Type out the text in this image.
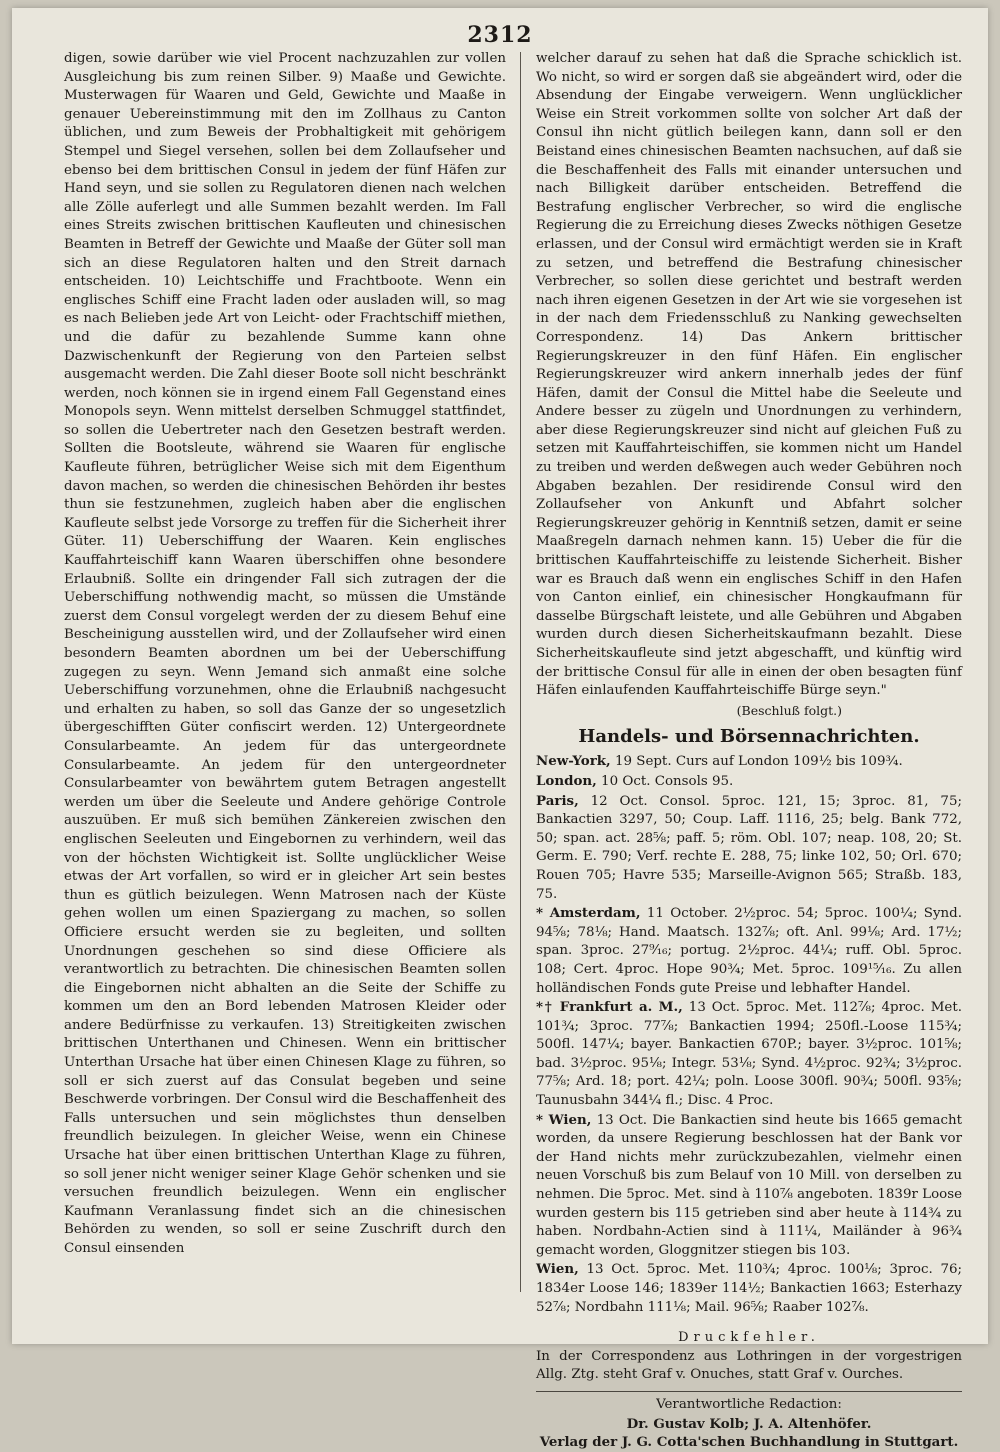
2312

digen, sowie darüber wie viel Procent nachzuzahlen zur vollen Ausgleichung bis zum reinen Silber. 9) Maaße und Gewichte. Musterwagen für Waaren und Geld, Gewichte und Maaße in genauer Uebereinstimmung mit den im Zollhaus zu Canton üblichen, und zum Beweis der Probhaltigkeit mit gehörigem Stempel und Siegel versehen, sollen bei dem Zollaufseher und ebenso bei dem brittischen Consul in jedem der fünf Häfen zur Hand seyn, und sie sollen zu Regulatoren dienen nach welchen alle Zölle auferlegt und alle Summen bezahlt werden. Im Fall eines Streits zwischen brittischen Kaufleuten und chinesischen Beamten in Betreff der Gewichte und Maaße der Güter soll man sich an diese Regulatoren halten und den Streit darnach entscheiden. 10) Leichtschiffe und Frachtboote. Wenn ein englisches Schiff eine Fracht laden oder ausladen will, so mag es nach Belieben jede Art von Leicht- oder Frachtschiff miethen, und die dafür zu bezahlende Summe kann ohne Dazwischenkunft der Regierung von den Parteien selbst ausgemacht werden. Die Zahl dieser Boote soll nicht beschränkt werden, noch können sie in irgend einem Fall Gegenstand eines Monopols seyn. Wenn mittelst derselben Schmuggel stattfindet, so sollen die Uebertreter nach den Gesetzen bestraft werden. Sollten die Bootsleute, während sie Waaren für englische Kaufleute führen, betrüglicher Weise sich mit dem Eigenthum davon machen, so werden die chinesischen Behörden ihr bestes thun sie festzunehmen, zugleich haben aber die englischen Kaufleute selbst jede Vorsorge zu treffen für die Sicherheit ihrer Güter. 11) Ueberschiffung der Waaren. Kein englisches Kauffahrteischiff kann Waaren überschiffen ohne besondere Erlaubniß. Sollte ein dringender Fall sich zutragen der die Ueberschiffung nothwendig macht, so müssen die Umstände zuerst dem Consul vorgelegt werden der zu diesem Behuf eine Bescheinigung ausstellen wird, und der Zollaufseher wird einen besondern Beamten abordnen um bei der Ueberschiffung zugegen zu seyn. Wenn Jemand sich anmaßt eine solche Ueberschiffung vorzunehmen, ohne die Erlaubniß nachgesucht und erhalten zu haben, so soll das Ganze der so ungesetzlich übergeschifften Güter confiscirt werden. 12) Untergeordnete Consularbeamte. An jedem für das untergeordnete Consularbeamte. An jedem für den untergeordneter Consularbeamter von bewährtem gutem Betragen angestellt werden um über die Seeleute und Andere gehörige Controle auszuüben. Er muß sich bemühen Zänkereien zwischen den englischen Seeleuten und Eingebornen zu verhindern, weil das von der höchsten Wichtigkeit ist. Sollte unglücklicher Weise etwas der Art vorfallen, so wird er in gleicher Art sein bestes thun es gütlich beizulegen. Wenn Matrosen nach der Küste gehen wollen um einen Spaziergang zu machen, so sollen Officiere ersucht werden sie zu begleiten, und sollten Unordnungen geschehen so sind diese Officiere als verantwortlich zu betrachten. Die chinesischen Beamten sollen die Eingebornen nicht abhalten an die Seite der Schiffe zu kommen um den an Bord lebenden Matrosen Kleider oder andere Bedürfnisse zu verkaufen. 13) Streitigkeiten zwischen brittischen Unterthanen und Chinesen. Wenn ein brittischer Unterthan Ursache hat über einen Chinesen Klage zu führen, so soll er sich zuerst auf das Consulat begeben und seine Beschwerde vorbringen. Der Consul wird die Beschaffenheit des Falls untersuchen und sein möglichstes thun denselben freundlich beizulegen. In gleicher Weise, wenn ein Chinese Ursache hat über einen brittischen Unterthan Klage zu führen, so soll jener nicht weniger seiner Klage Gehör schenken und sie versuchen freundlich beizulegen. Wenn ein englischer Kaufmann Veranlassung findet sich an die chinesischen Behörden zu wenden, so soll er seine Zuschrift durch den Consul einsenden

welcher darauf zu sehen hat daß die Sprache schicklich ist. Wo nicht, so wird er sorgen daß sie abgeändert wird, oder die Absendung der Eingabe verweigern. Wenn unglücklicher Weise ein Streit vorkommen sollte von solcher Art daß der Consul ihn nicht gütlich beilegen kann, dann soll er den Beistand eines chinesischen Beamten nachsuchen, auf daß sie die Beschaffenheit des Falls mit einander untersuchen und nach Billigkeit darüber entscheiden. Betreffend die Bestrafung englischer Verbrecher, so wird die englische Regierung die zu Erreichung dieses Zwecks nöthigen Gesetze erlassen, und der Consul wird ermächtigt werden sie in Kraft zu setzen, und betreffend die Bestrafung chinesischer Verbrecher, so sollen diese gerichtet und bestraft werden nach ihren eigenen Gesetzen in der Art wie sie vorgesehen ist in der nach dem Friedensschluß zu Nanking gewechselten Correspondenz. 14) Das Ankern brittischer Regierungskreuzer in den fünf Häfen. Ein englischer Regierungskreuzer wird ankern innerhalb jedes der fünf Häfen, damit der Consul die Mittel habe die Seeleute und Andere besser zu zügeln und Unordnungen zu verhindern, aber diese Regierungskreuzer sind nicht auf gleichen Fuß zu setzen mit Kauffahrteischiffen, sie kommen nicht um Handel zu treiben und werden deßwegen auch weder Gebühren noch Abgaben bezahlen. Der residirende Consul wird den Zollaufseher von Ankunft und Abfahrt solcher Regierungskreuzer gehörig in Kenntniß setzen, damit er seine Maaßregeln darnach nehmen kann. 15) Ueber die für die brittischen Kauffahrteischiffe zu leistende Sicherheit. Bisher war es Brauch daß wenn ein englisches Schiff in den Hafen von Canton einlief, ein chinesischer Hongkaufmann für dasselbe Bürgschaft leistete, und alle Gebühren und Abgaben wurden durch diesen Sicherheitskaufmann bezahlt. Diese Sicherheitskaufleute sind jetzt abgeschafft, und künftig wird der brittische Consul für alle in einen der oben besagten fünf Häfen einlaufenden Kauffahrteischiffe Bürge seyn."

(Beschluß folgt.)
Handels- und Börsennachrichten.

New-York, 19 Sept. Curs auf London 109½ bis 109¾.

London, 10 Oct. Consols 95.

Paris, 12 Oct. Consol. 5proc. 121, 15; 3proc. 81, 75; Bankactien 3297, 50; Coup. Laff. 1116, 25; belg. Bank 772, 50; span. act. 28⅝; paff. 5; röm. Obl. 107; neap. 108, 20; St. Germ. E. 790; Verf. rechte E. 288, 75; linke 102, 50; Orl. 670; Rouen 705; Havre 535; Marseille-Avignon 565; Straßb. 183, 75.

* Amsterdam, 11 October. 2½proc. 54; 5proc. 100¼; Synd. 94⅝; 78⅛; Hand. Maatsch. 132⅞; oft. Anl. 99⅛; Ard. 17½; span. 3proc. 27⁹⁄₁₆; portug. 2½proc. 44¼; ruff. Obl. 5proc. 108; Cert. 4proc. Hope 90¾; Met. 5proc. 109¹⁵⁄₁₆. Zu allen holländischen Fonds gute Preise und lebhafter Handel.

*† Frankfurt a. M., 13 Oct. 5proc. Met. 112⅞; 4proc. Met. 101¾; 3proc. 77⅞; Bankactien 1994; 250fl.-Loose 115¾; 500fl. 147¼; bayer. Bankactien 670P.; bayer. 3½proc. 101⅝; bad. 3½proc. 95⅛; Integr. 53⅛; Synd. 4½proc. 92¾; 3½proc. 77⅝; Ard. 18; port. 42¼; poln. Loose 300fl. 90¾; 500fl. 93⅝; Taunusbahn 344¼ fl.; Disc. 4 Proc.

* Wien, 13 Oct. Die Bankactien sind heute bis 1665 gemacht worden, da unsere Regierung beschlossen hat der Bank vor der Hand nichts mehr zurückzubezahlen, vielmehr einen neuen Vorschuß bis zum Belauf von 10 Mill. von derselben zu nehmen. Die 5proc. Met. sind à 110⅞ angeboten. 1839r Loose wurden gestern bis 115 getrieben sind aber heute à 114¾ zu haben. Nordbahn-Actien sind à 111¼, Mailänder à 96¾ gemacht worden, Gloggnitzer stiegen bis 103.

Wien, 13 Oct. 5proc. Met. 110¾; 4proc. 100⅛; 3proc. 76; 1834er Loose 146; 1839er 114½; Bankactien 1663; Esterhazy 52⅞; Nordbahn 111⅛; Mail. 96⅝; Raaber 102⅞.

Druckfehler.

In der Correspondenz aus Lothringen in der vorgestrigen Allg. Ztg. steht Graf v. Onuches, statt Graf v. Ourches.

Verantwortliche Redaction:
Dr. Gustav Kolb; J. A. Altenhöfer.
Verlag der J. G. Cotta'schen Buchhandlung in Stuttgart.
